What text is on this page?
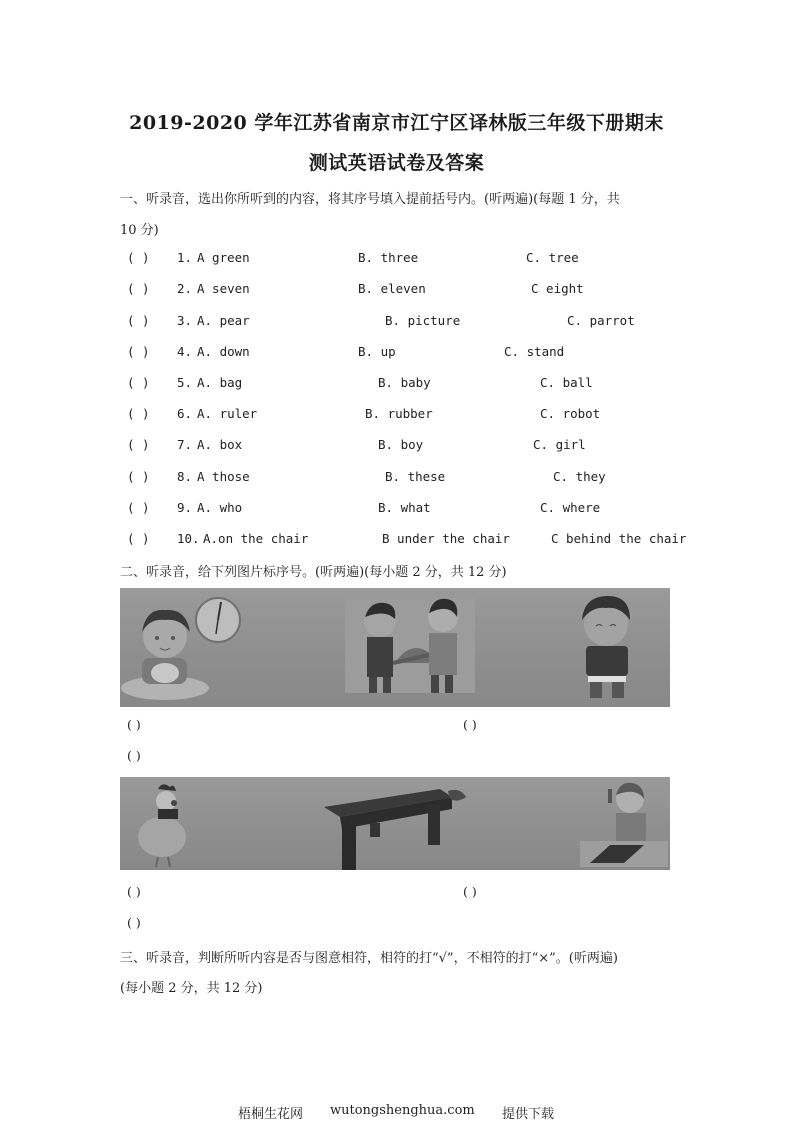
2019-2020 学年江苏省南京市江宁区译林版三年级下册期末
测试英语试卷及答案
一、听录音，选出你所听到的内容，将其序号填入提前括号内。(听两遍)(每题 1 分，共
10 分)
( ) 1. A green	B. three	C. tree
( ) 2. A seven	B. eleven	C eight
( ) 3. A. pear	B. picture	C. parrot
( ) 4. A. down	B. up	C. stand
( ) 5. A. bag	B. baby	C. ball
( ) 6. A. ruler	B. rubber	C. robot
( ) 7. A. box	B. boy	C. girl
( ) 8. A those	B. these	C. they
( ) 9. A. who	B. what	C. where
( ) 10. A.on the chair	B under the chair	C behind the chair
二、听录音，给下列图片标序号。(听两遍)(每小题 2 分，共 12 分)
( )	( )
( )
( )	( )
( )
三、听录音，判断所听内容是否与图意相符，相符的打“√”，不相符的打“×”。(听两遍)
(每小题 2 分，共 12 分)
梧桐生花网 wutongshenghua.com 提供下载
